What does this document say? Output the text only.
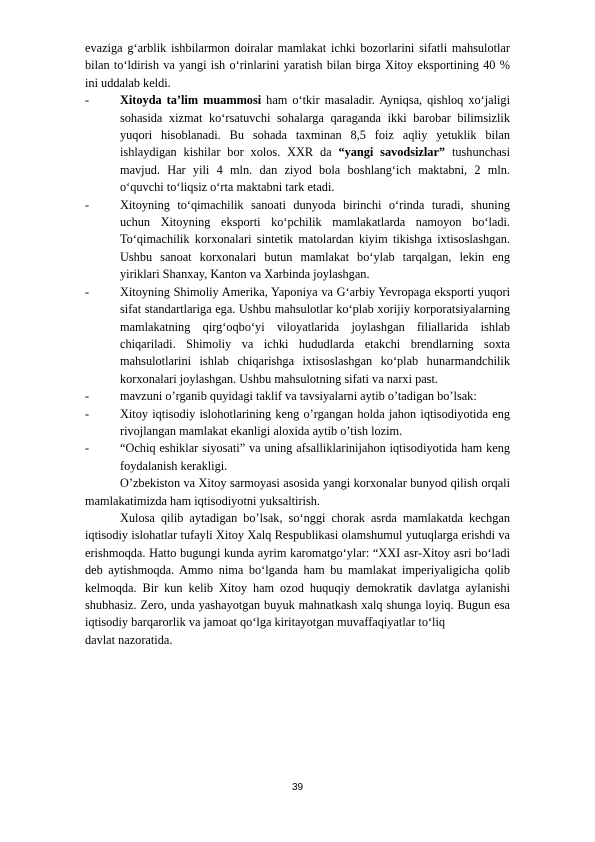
evaziga g‘arblik ishbilarmon doiralar mamlakat ichki bozorlarini sifatli mahsulotlar bilan to‘ldirish va yangi ish o‘rinlarini yaratish bilan birga Xitoy eksportining 40 % ini uddalab keldi.

-	Xitoyda ta’lim muammosi ham o‘tkir masaladir. Ayniqsa, qishloq xo‘jaligi sohasida xizmat ko‘rsatuvchi sohalarga qaraganda ikki barobar bilimsizlik yuqori hisoblanadi. Bu sohada taxminan 8,5 foiz aqliy yetuklik bilan ishlaydigan kishilar bor xolos. XXR da “yangi savodsizlar” tushunchasi mavjud. Har yili 4 mln. dan ziyod bola boshlang‘ich maktabni, 2 mln. o‘quvchi to‘liqsiz o‘rta maktabni tark etadi.

-	Xitoyning toʻqimachilik sanoati dunyoda birinchi oʻrinda turadi, shuning uchun Xitoyning eksporti koʻpchilik mamlakatlarda namoyon boʻladi. Toʻqimachilik korxonalari sintetik matolardan kiyim tikishga ixtisoslashgan. Ushbu sanoat korxonalari butun mamlakat boʻylab tarqalgan, lekin eng yiriklari Shanxay, Kanton va Xarbinda joylashgan.

-	Xitoyning Shimoliy Amerika, Yaponiya va Gʻarbiy Yevropaga eksporti yuqori sifat standartlariga ega. Ushbu mahsulotlar koʻplab xorijiy korporatsiyalarning mamlakatning qirgʻoqboʻyi viloyatlarida joylashgan filiallarida ishlab chiqariladi. Shimoliy va ichki hududlarda etakchi brendlarning soxta mahsulotlarini ishlab chiqarishga ixtisoslashgan koʻplab hunarmandchilik korxonalari joylashgan. Ushbu mahsulotning sifati va narxi past.

-	mavzuni o’rganib quyidagi taklif va tavsiyalarni aytib o’tadigan bo’lsak:

-	Xitoy iqtisodiy islohotlarining keng o’rgangan holda jahon iqtisodiyotida eng rivojlangan mamlakat ekanligi aloxida aytib o’tish lozim.

-	“Ochiq eshiklar siyosati” va uning afsalliklarinijahon iqtisodiyotida ham keng foydalanish kerakligi.

O’zbekiston va Xitoy sarmoyasi asosida yangi korxonalar bunyod qilish orqali mamlakatimizda ham iqtisodiyotni yuksaltirish.

Xulosa qilib aytadigan bo’lsak, so‘nggi chorak asrda mamlakatda kechgan iqtisodiy islohatlar tufayli Xitoy Xalq Respublikasi olamshumul yutuqlarga erishdi va erishmoqda. Hatto bugungi kunda ayrim karomatgo‘ylar: “XXI asr-Xitoy asri bo‘ladi deb aytishmoqda. Ammo nima bo‘lganda ham bu mamlakat imperiyaligicha qolib kelmoqda. Bir kun kelib Xitoy ham ozod huquqiy demokratik davlatga aylanishi shubhasiz. Zero, unda yashayotgan buyuk mahnatkash xalq shunga loyiq. Bugun esa iqtisodiy barqarorlik va jamoat qo‘lga kiritayotgan muvaffaqiyatlar to‘liq

davlat nazoratida.

39
